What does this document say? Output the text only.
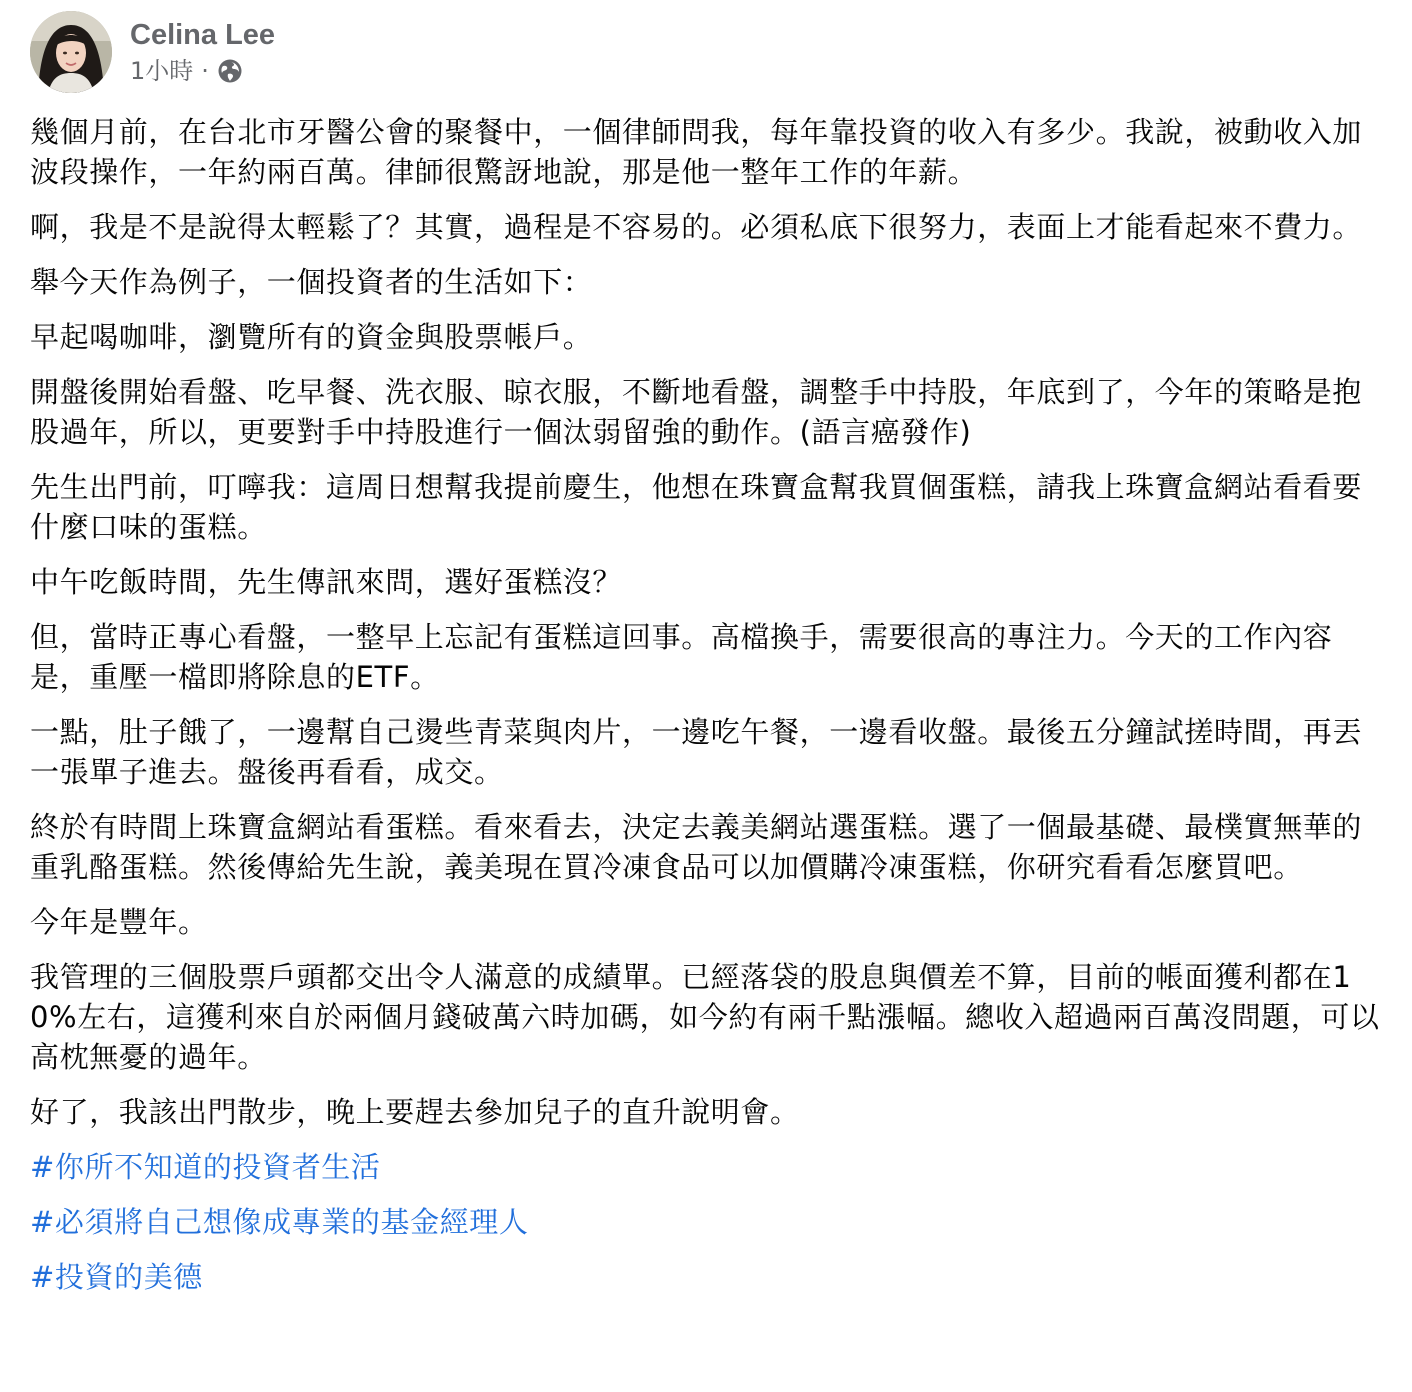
Celina Lee
1小時 ·

幾個月前，在台北市牙醫公會的聚餐中，一個律師問我，每年靠投資的收入有多少。我說，被動收入加波段操作，一年約兩百萬。律師很驚訝地說，那是他一整年工作的年薪。

啊，我是不是說得太輕鬆了？其實，過程是不容易的。必須私底下很努力，表面上才能看起來不費力。

舉今天作為例子，一個投資者的生活如下：

早起喝咖啡，瀏覽所有的資金與股票帳戶。

開盤後開始看盤、吃早餐、洗衣服、晾衣服，不斷地看盤，調整手中持股，年底到了，今年的策略是抱股過年，所以，更要對手中持股進行一個汰弱留強的動作。(語言癌發作)

先生出門前，叮嚀我：這周日想幫我提前慶生，他想在珠寶盒幫我買個蛋糕，請我上珠寶盒網站看看要什麼口味的蛋糕。

中午吃飯時間，先生傳訊來問，選好蛋糕沒？

但，當時正專心看盤，一整早上忘記有蛋糕這回事。高檔換手，需要很高的專注力。今天的工作內容是，重壓一檔即將除息的ETF。

一點，肚子餓了，一邊幫自己燙些青菜與肉片，一邊吃午餐，一邊看收盤。最後五分鐘試搓時間，再丟一張單子進去。盤後再看看，成交。

終於有時間上珠寶盒網站看蛋糕。看來看去，決定去義美網站選蛋糕。選了一個最基礎、最樸實無華的重乳酪蛋糕。然後傳給先生說，義美現在買冷凍食品可以加價購冷凍蛋糕，你研究看看怎麼買吧。

今年是豐年。

我管理的三個股票戶頭都交出令人滿意的成績單。已經落袋的股息與價差不算，目前的帳面獲利都在10%左右，這獲利來自於兩個月錢破萬六時加碼，如今約有兩千點漲幅。總收入超過兩百萬沒問題，可以高枕無憂的過年。

好了，我該出門散步，晚上要趕去參加兒子的直升說明會。

#你所不知道的投資者生活
#必須將自己想像成專業的基金經理人
#投資的美德
